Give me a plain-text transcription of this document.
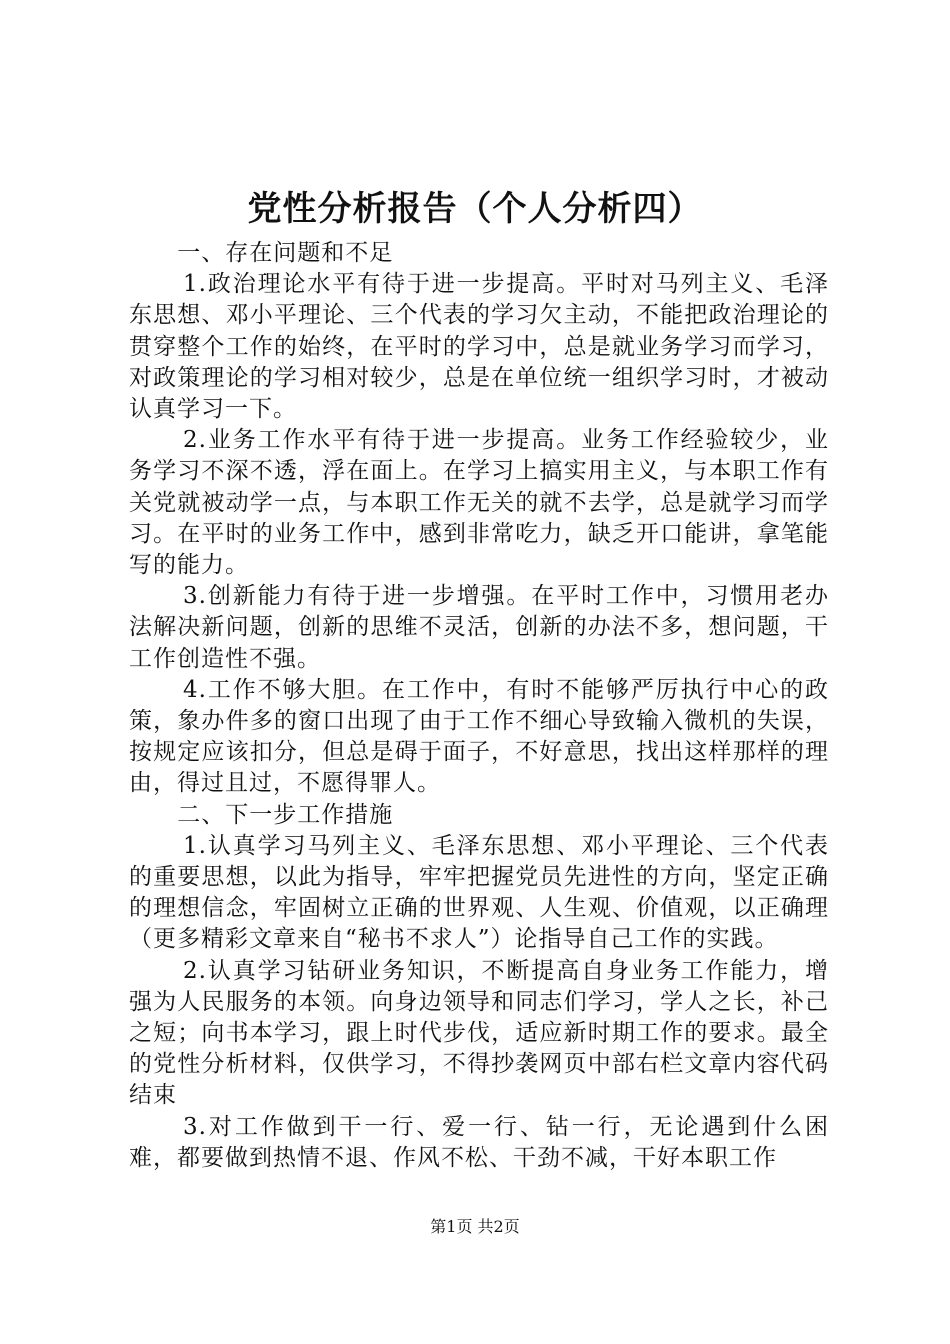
党性分析报告（个人分析四）

一、存在问题和不足

1.政治理论水平有待于进一步提高。平时对马列主义、毛泽东思想、邓小平理论、三个代表的学习欠主动，不能把政治理论的贯穿整个工作的始终，在平时的学习中，总是就业务学习而学习，对政策理论的学习相对较少，总是在单位统一组织学习时，才被动认真学习一下。

2.业务工作水平有待于进一步提高。业务工作经验较少，业务学习不深不透，浮在面上。在学习上搞实用主义，与本职工作有关党就被动学一点，与本职工作无关的就不去学，总是就学习而学习。在平时的业务工作中，感到非常吃力，缺乏开口能讲，拿笔能写的能力。

3.创新能力有待于进一步增强。在平时工作中，习惯用老办法解决新问题，创新的思维不灵活，创新的办法不多，想问题，干工作创造性不强。

4.工作不够大胆。在工作中，有时不能够严厉执行中心的政策，象办件多的窗口出现了由于工作不细心导致输入微机的失误，按规定应该扣分，但总是碍于面子，不好意思，找出这样那样的理由，得过且过，不愿得罪人。

二、下一步工作措施

1.认真学习马列主义、毛泽东思想、邓小平理论、三个代表的重要思想，以此为指导，牢牢把握党员先进性的方向，坚定正确的理想信念，牢固树立正确的世界观、人生观、价值观，以正确理（更多精彩文章来自“秘书不求人”）论指导自己工作的实践。

2.认真学习钻研业务知识，不断提高自身业务工作能力，增强为人民服务的本领。向身边领导和同志们学习，学人之长，补己之短；向书本学习，跟上时代步伐，适应新时期工作的要求。最全的党性分析材料，仅供学习，不得抄袭网页中部右栏文章内容代码结束

3.对工作做到干一行、爱一行、钻一行，无论遇到什么困难，都要做到热情不退、作风不松、干劲不减，干好本职工作

第1页 共2页
